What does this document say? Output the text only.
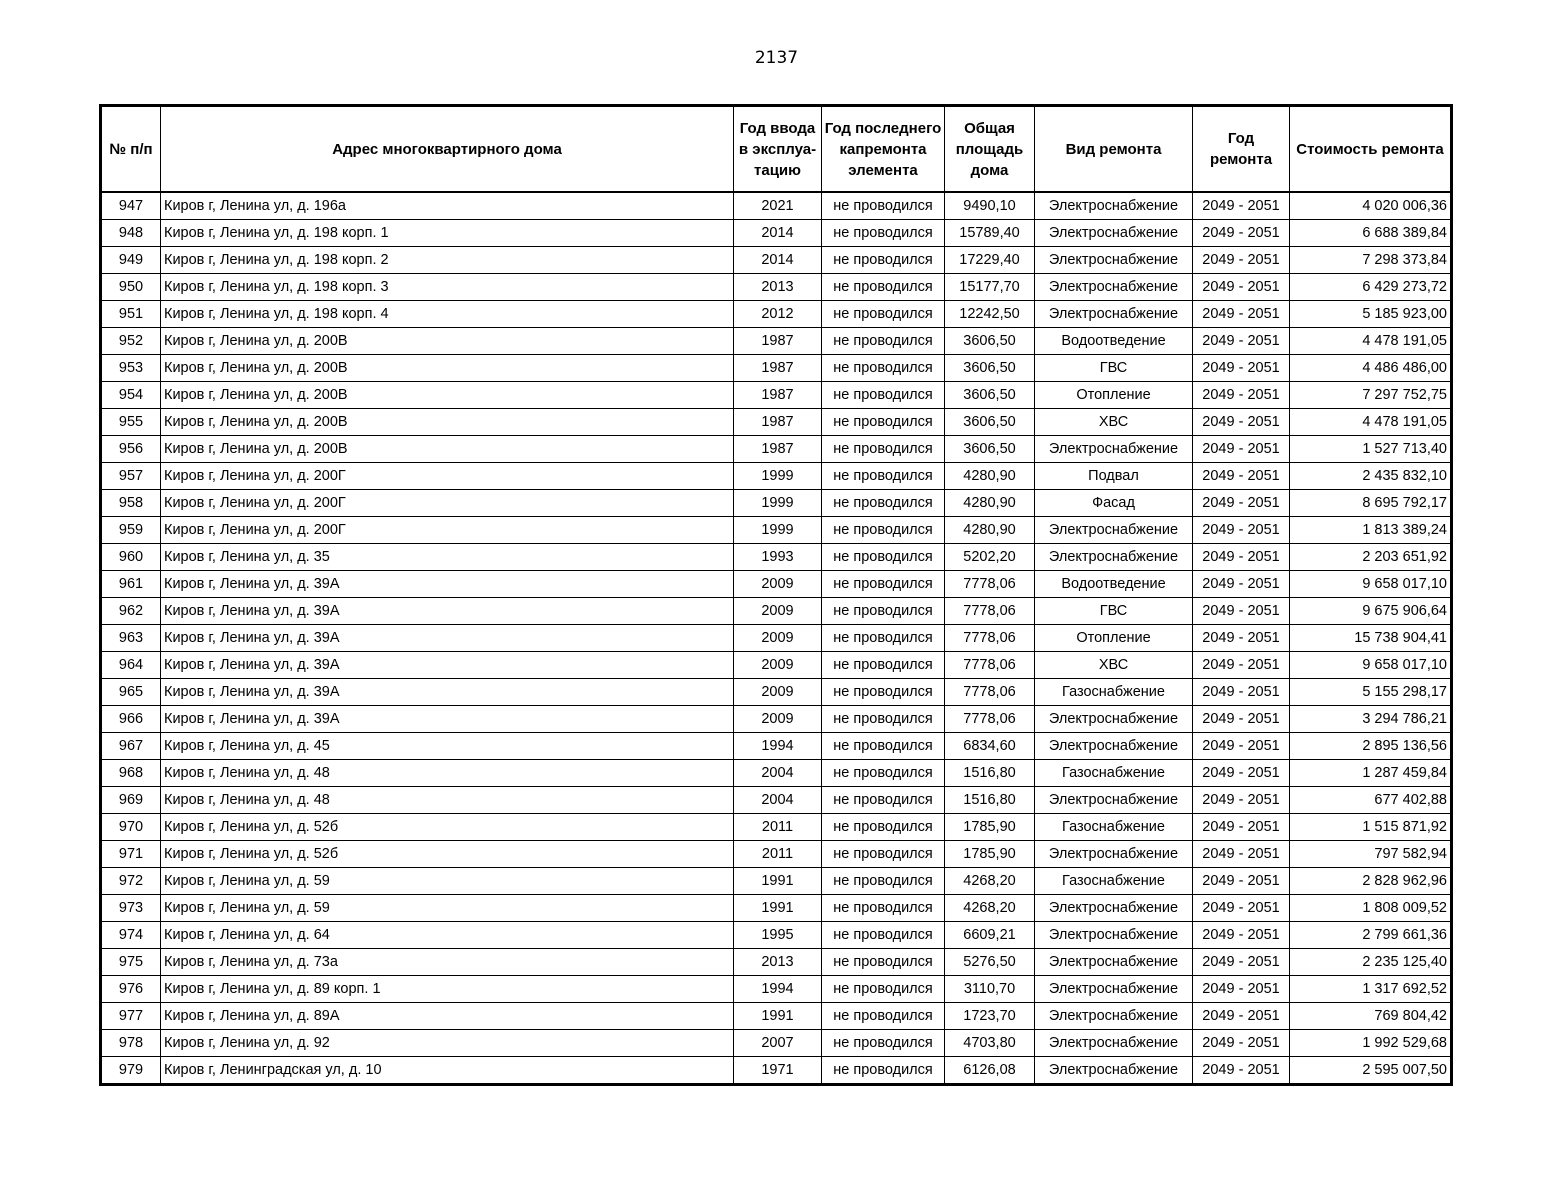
2137
№ п/п	Адрес многоквартирного дома	Год ввода в эксплуа-тацию	Год последнего капремонта элемента	Общая площадь дома	Вид ремонта	Год ремонта	Стоимость ремонта
947	Киров г, Ленина ул, д. 196а	2021	не проводился	9490,10	Электроснабжение	2049 - 2051	4 020 006,36
948	Киров г, Ленина ул, д. 198 корп. 1	2014	не проводился	15789,40	Электроснабжение	2049 - 2051	6 688 389,84
949	Киров г, Ленина ул, д. 198 корп. 2	2014	не проводился	17229,40	Электроснабжение	2049 - 2051	7 298 373,84
950	Киров г, Ленина ул, д. 198 корп. 3	2013	не проводился	15177,70	Электроснабжение	2049 - 2051	6 429 273,72
951	Киров г, Ленина ул, д. 198 корп. 4	2012	не проводился	12242,50	Электроснабжение	2049 - 2051	5 185 923,00
952	Киров г, Ленина ул, д. 200В	1987	не проводился	3606,50	Водоотведение	2049 - 2051	4 478 191,05
953	Киров г, Ленина ул, д. 200В	1987	не проводился	3606,50	ГВС	2049 - 2051	4 486 486,00
954	Киров г, Ленина ул, д. 200В	1987	не проводился	3606,50	Отопление	2049 - 2051	7 297 752,75
955	Киров г, Ленина ул, д. 200В	1987	не проводился	3606,50	ХВС	2049 - 2051	4 478 191,05
956	Киров г, Ленина ул, д. 200В	1987	не проводился	3606,50	Электроснабжение	2049 - 2051	1 527 713,40
957	Киров г, Ленина ул, д. 200Г	1999	не проводился	4280,90	Подвал	2049 - 2051	2 435 832,10
958	Киров г, Ленина ул, д. 200Г	1999	не проводился	4280,90	Фасад	2049 - 2051	8 695 792,17
959	Киров г, Ленина ул, д. 200Г	1999	не проводился	4280,90	Электроснабжение	2049 - 2051	1 813 389,24
960	Киров г, Ленина ул, д. 35	1993	не проводился	5202,20	Электроснабжение	2049 - 2051	2 203 651,92
961	Киров г, Ленина ул, д. 39А	2009	не проводился	7778,06	Водоотведение	2049 - 2051	9 658 017,10
962	Киров г, Ленина ул, д. 39А	2009	не проводился	7778,06	ГВС	2049 - 2051	9 675 906,64
963	Киров г, Ленина ул, д. 39А	2009	не проводился	7778,06	Отопление	2049 - 2051	15 738 904,41
964	Киров г, Ленина ул, д. 39А	2009	не проводился	7778,06	ХВС	2049 - 2051	9 658 017,10
965	Киров г, Ленина ул, д. 39А	2009	не проводился	7778,06	Газоснабжение	2049 - 2051	5 155 298,17
966	Киров г, Ленина ул, д. 39А	2009	не проводился	7778,06	Электроснабжение	2049 - 2051	3 294 786,21
967	Киров г, Ленина ул, д. 45	1994	не проводился	6834,60	Электроснабжение	2049 - 2051	2 895 136,56
968	Киров г, Ленина ул, д. 48	2004	не проводился	1516,80	Газоснабжение	2049 - 2051	1 287 459,84
969	Киров г, Ленина ул, д. 48	2004	не проводился	1516,80	Электроснабжение	2049 - 2051	677 402,88
970	Киров г, Ленина ул, д. 52б	2011	не проводился	1785,90	Газоснабжение	2049 - 2051	1 515 871,92
971	Киров г, Ленина ул, д. 52б	2011	не проводился	1785,90	Электроснабжение	2049 - 2051	797 582,94
972	Киров г, Ленина ул, д. 59	1991	не проводился	4268,20	Газоснабжение	2049 - 2051	2 828 962,96
973	Киров г, Ленина ул, д. 59	1991	не проводился	4268,20	Электроснабжение	2049 - 2051	1 808 009,52
974	Киров г, Ленина ул, д. 64	1995	не проводился	6609,21	Электроснабжение	2049 - 2051	2 799 661,36
975	Киров г, Ленина ул, д. 73а	2013	не проводился	5276,50	Электроснабжение	2049 - 2051	2 235 125,40
976	Киров г, Ленина ул, д. 89 корп. 1	1994	не проводился	3110,70	Электроснабжение	2049 - 2051	1 317 692,52
977	Киров г, Ленина ул, д. 89А	1991	не проводился	1723,70	Электроснабжение	2049 - 2051	769 804,42
978	Киров г, Ленина ул, д. 92	2007	не проводился	4703,80	Электроснабжение	2049 - 2051	1 992 529,68
979	Киров г, Ленинградская ул, д. 10	1971	не проводился	6126,08	Электроснабжение	2049 - 2051	2 595 007,50
